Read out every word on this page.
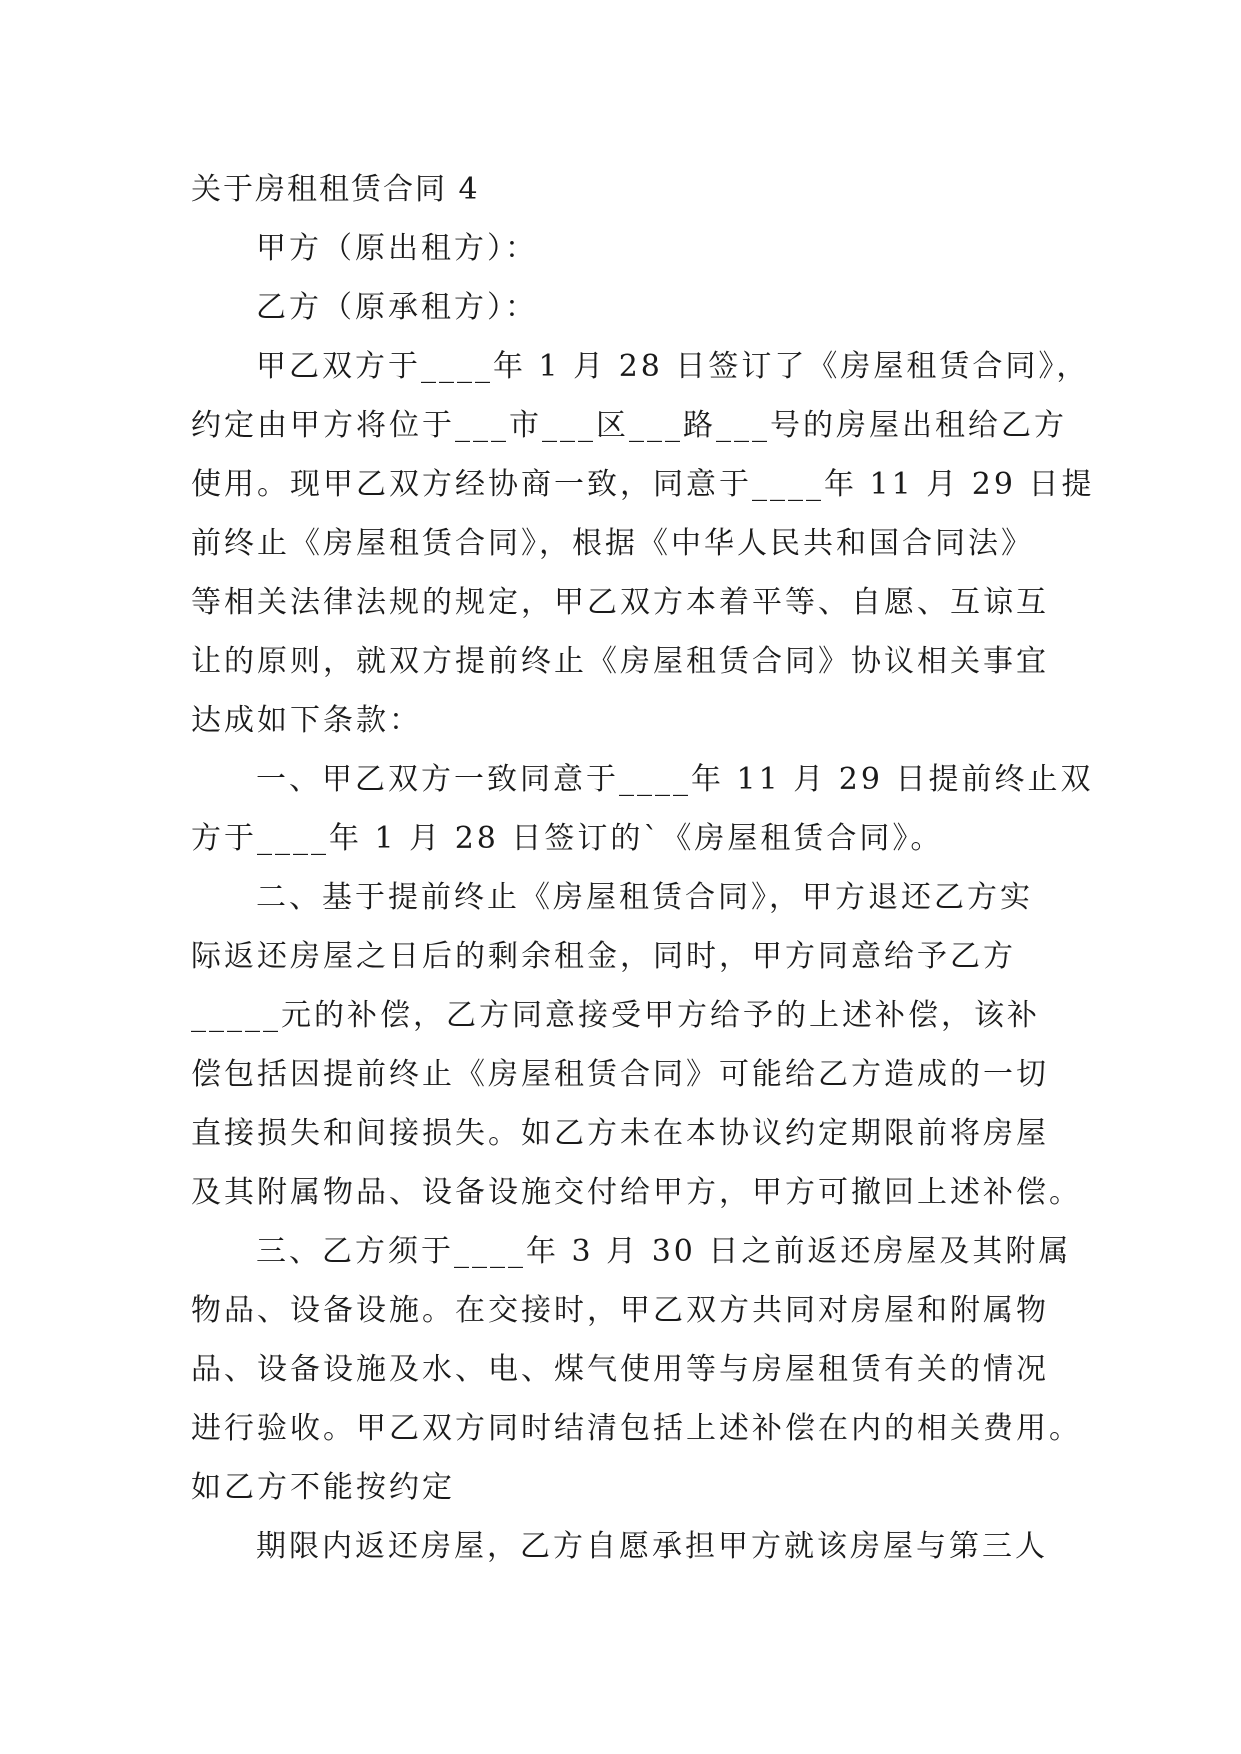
关于房租租赁合同 4

甲方（原出租方）：

乙方（原承租方）：

甲乙双方于____年 1 月 28 日签订了《房屋租赁合同》，

约定由甲方将位于___市___区___路___号的房屋出租给乙方

使用。现甲乙双方经协商一致，同意于____年 11 月 29 日提

前终止《房屋租赁合同》，根据《中华人民共和国合同法》

等相关法律法规的规定，甲乙双方本着平等、自愿、互谅互

让的原则，就双方提前终止《房屋租赁合同》协议相关事宜

达成如下条款：

一、甲乙双方一致同意于____年 11 月 29 日提前终止双

方于____年 1 月 28 日签订的`《房屋租赁合同》。

二、基于提前终止《房屋租赁合同》，甲方退还乙方实

际返还房屋之日后的剩余租金，同时，甲方同意给予乙方

_____元的补偿，乙方同意接受甲方给予的上述补偿，该补

偿包括因提前终止《房屋租赁合同》可能给乙方造成的一切

直接损失和间接损失。如乙方未在本协议约定期限前将房屋

及其附属物品、设备设施交付给甲方，甲方可撤回上述补偿。

三、乙方须于____年 3 月 30 日之前返还房屋及其附属

物品、设备设施。在交接时，甲乙双方共同对房屋和附属物

品、设备设施及水、电、煤气使用等与房屋租赁有关的情况

进行验收。甲乙双方同时结清包括上述补偿在内的相关费用。

如乙方不能按约定

期限内返还房屋，乙方自愿承担甲方就该房屋与第三人
